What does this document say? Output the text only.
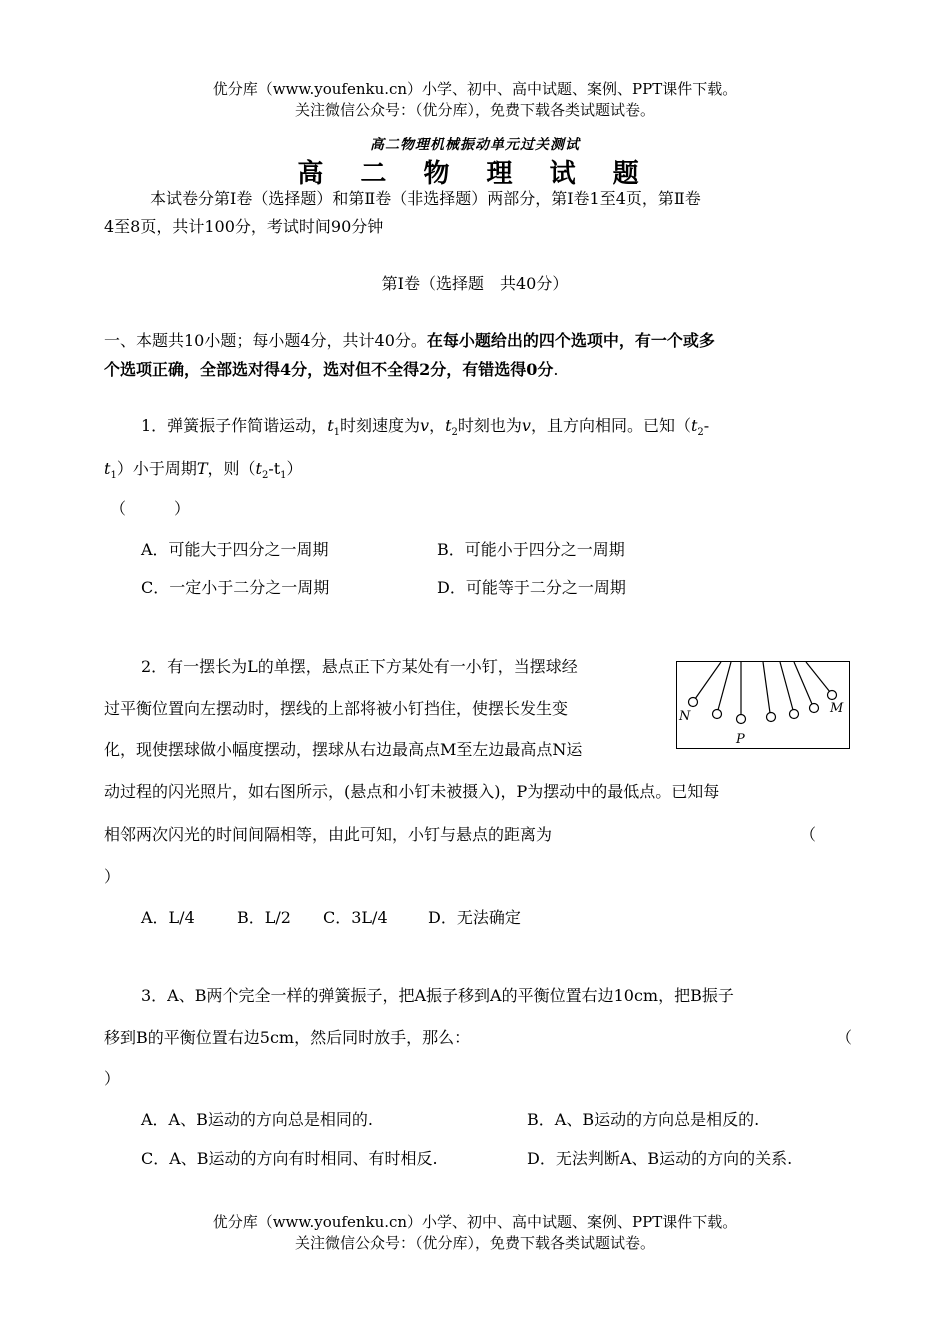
优分库（www.youfenku.cn）小学、初中、高中试题、案例、PPT课件下载。
关注微信公众号：（优分库），免费下载各类试题试卷。
高二物理机械振动单元过关测试
高 二 物 理 试 题
本试卷分第Ⅰ卷（选择题）和第Ⅱ卷（非选择题）两部分，第Ⅰ卷1至4页，第Ⅱ卷
4至8页，共计100分，考试时间90分钟
第Ⅰ卷（选择题　共40分）
一、本题共10小题；每小题4分，共计40分。在每小题给出的四个选项中，有一个或多
个选项正确，全部选对得4分，选对但不全得2分，有错选得0分.
1．弹簧振子作简谐运动，$t_1$时刻速度为v，$t_2$时刻也为v，且方向相同。已知（$t_2-$
$t_1$）小于周期T，则$(t_2-t_1)$
（　　　）
A．可能大于四分之一周期	B．可能小于四分之一周期
C．一定小于二分之一周期	D．可能等于二分之一周期
2．有一摆长为L的单摆，悬点正下方某处有一小钉，当摆球经
过平衡位置向左摆动时，摆线的上部将被小钉挡住，使摆长发生变
化，现使摆球做小幅度摆动，摆球从右边最高点M至左边最高点N运
动过程的闪光照片，如右图所示，(悬点和小钉未被摄入)，P为摆动中的最低点。已知每
相邻两次闪光的时间间隔相等，由此可知，小钉与悬点的距离为	（
）
A．L/4	B．L/2 C．3L/4	D．无法确定
N
M
P
3．A、B两个完全一样的弹簧振子，把A振子移到A的平衡位置右边10cm，把B振子
移到B的平衡位置右边5cm，然后同时放手，那么：	（
）
A．A、B运动的方向总是相同的.	B．A、B运动的方向总是相反的.
C．A、B运动的方向有时相同、有时相反.	D．无法判断A、B运动的方向的关系.
优分库（www.youfenku.cn）小学、初中、高中试题、案例、PPT课件下载。
关注微信公众号：（优分库），免费下载各类试题试卷。
